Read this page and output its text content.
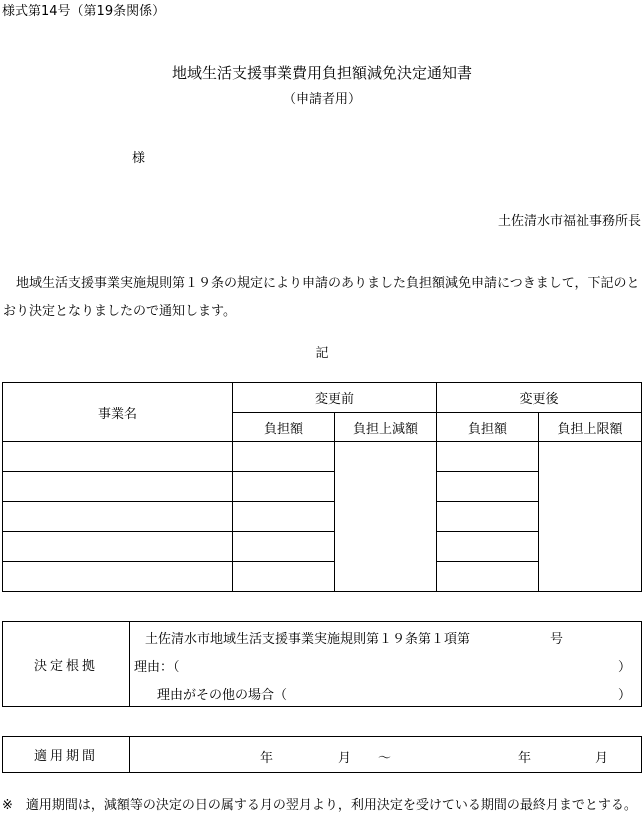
様式第14号（第19条関係）
地域生活支援事業費用負担額減免決定通知書
（申請者用）
様
土佐清水市福祉事務所長
地域生活支援事業実施規則第１９条の規定により申請のありました負担額減免申請につきまして，下記のとおり決定となりましたので通知します。
記
事業名	変更前		変更後	
	負担額	負担上減額	負担額	負担上限額

決定根拠	
土佐清水市地域生活支援事業実施規則第１９条第１項第	号
理由：（	）
理由がその他の場合（	）
適用期間	年	月 ～	年	月
※　適用期間は，減額等の決定の日の属する月の翌月より，利用決定を受けている期間の最終月までとする。
